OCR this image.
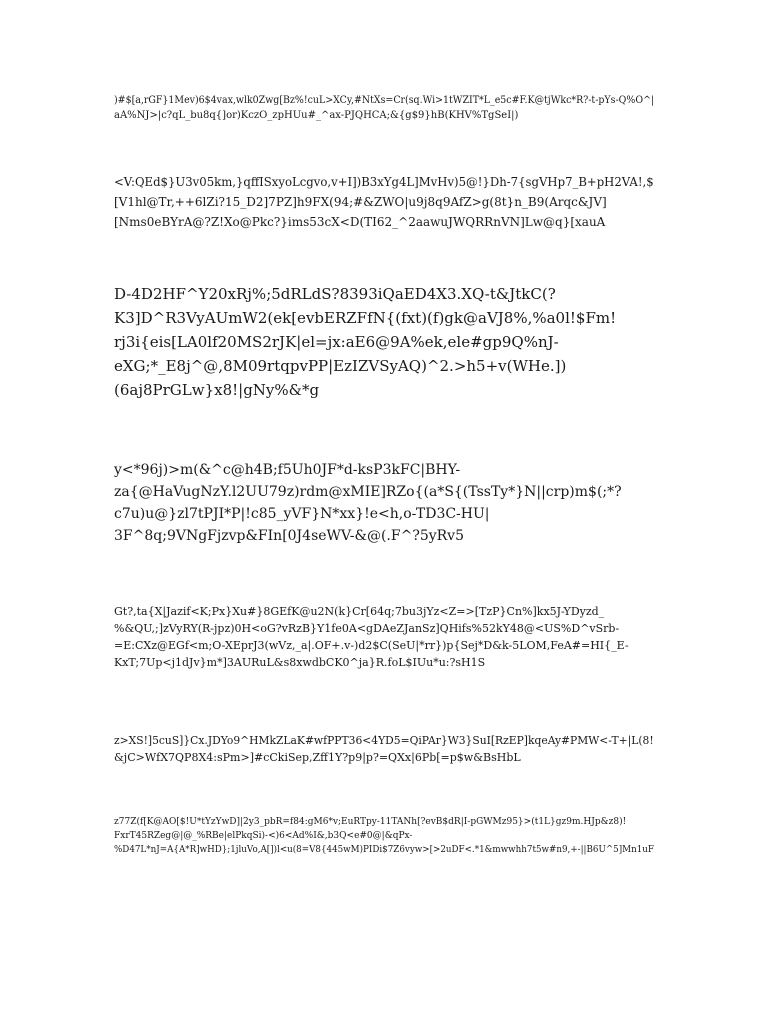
)#$[a,rGF}1Mev)6$4vax,wlk0Zwg[Bz%!cuL>XCy,#NtXs=Cr(sq.Wi>1tWZIT*L_e5c#F.K@tjWkc*R?-t-pYs-Q%O^|
aA%NJ>|c?qL_bu8q{]or)KczO_zpHUu#_^ax-PJQHCA;&{g$9}hB(KHV%TgSeI|)
<V:QEd$}U3v05km,}qffISxyoLcgvo,v+I])B3xYg4L]MvHv)5@!}Dh-7{sgVHp7_B+pH2VA!,$
[V1hl@Tr,++6lZi?15_D2]7PZ]h9FX(94;#&ZWO|u9j8q9AfZ>g(8t}n_B9(Arqc&JV]
[Nms0eBYrA@?Z!Xo@Pkc?}ims53cX<D(TI62_^2aawuJWQRRnVN]Lw@q}[xauA
D-4D2HF^Y20xRj%;5dRLdS?8393iQaED4X3.XQ-t&JtkC(?
K3]D^R3VyAUmW2(ek[evbERZFfN{(fxt)(f)gk@aVJ8%,%a0l!$Fm!
rj3i{eis[LA0lf20MS2rJK|el=jx:aE6@9A%ek,ele#gp9Q%nJ-
eXG;*_E8j^@,8M09rtqpvPP|EzIZVSyAQ)^2.>h5+v(WHe.])
(6aj8PrGLw}x8!|gNy%&*g
y<*96j)>m(&^c@h4B;f5Uh0JF*d-ksP3kFC|BHY-
za{@HaVugNzY.l2UU79z)rdm@xMIE]RZo{(a*S{(TssTy*}N||crp)m$(;*?
c7u)u@}zl7tPJI*P|!c85_yVF}N*xx}!e<h,o-TD3C-HU|
3F^8q;9VNgFjzvp&FIn[0J4seWV-&@(.F^?5yRv5
Gt?,ta{X|Jazif<K;Px}Xu#}8GEfK@u2N(k}Cr[64q;7bu3jYz<Z=>[TzP}Cn%]kx5J-YDyzd_
%&QU,;]zVyRY(R-jpz)0H<oG?vRzB}Y1fe0A<gDAeZJanSz]QHifs%52kY48@<US%D^vSrb-
=E:CXz@EGf<m;O-XEprJ3(wVz,_a|.OF+.v-)d2$C(SeU|*rr})p{Sej*D&k-5LOM,FeA#=HI{_E-
KxT;7Up<j1dJv}m*]3AURuL&s8xwdbCK0^ja}R.foL$IUu*u:?sH1S
z>XS!]5cuS]}Cx.JDYo9^HMkZLaK#wfPPT36<4YD5=QiPAr}W3}SuI[RzEP]kqeAy#PMW<-T+|L(8!
&jC>WfX7QP8X4:sPm>]#cCkiSep,Zff1Y?p9|p?=QXx|6Pb[=p$w&BsHbL
z77Z(f[K@AO[$!U*tYzYwD]|2y3_pbR=f84:gM6*v;EuRTpy-11TANh[?evB$dR|I-pGWMz95}>(t1L}gz9m.HJp&z8)!
FxrT45RZeg@|@_%RBe|elPkqSi)-<)6<Ad%I&,b3Q<e#0@|&qPx-
%D47L*nJ=A{A*R]wHD};1jluVo,A[])l<u(8=V8{445wM)PIDi$7Z6vyw>[>2uDF<.*1&mwwhh7t5w#n9,+-||B6U^5]Mn1uF
